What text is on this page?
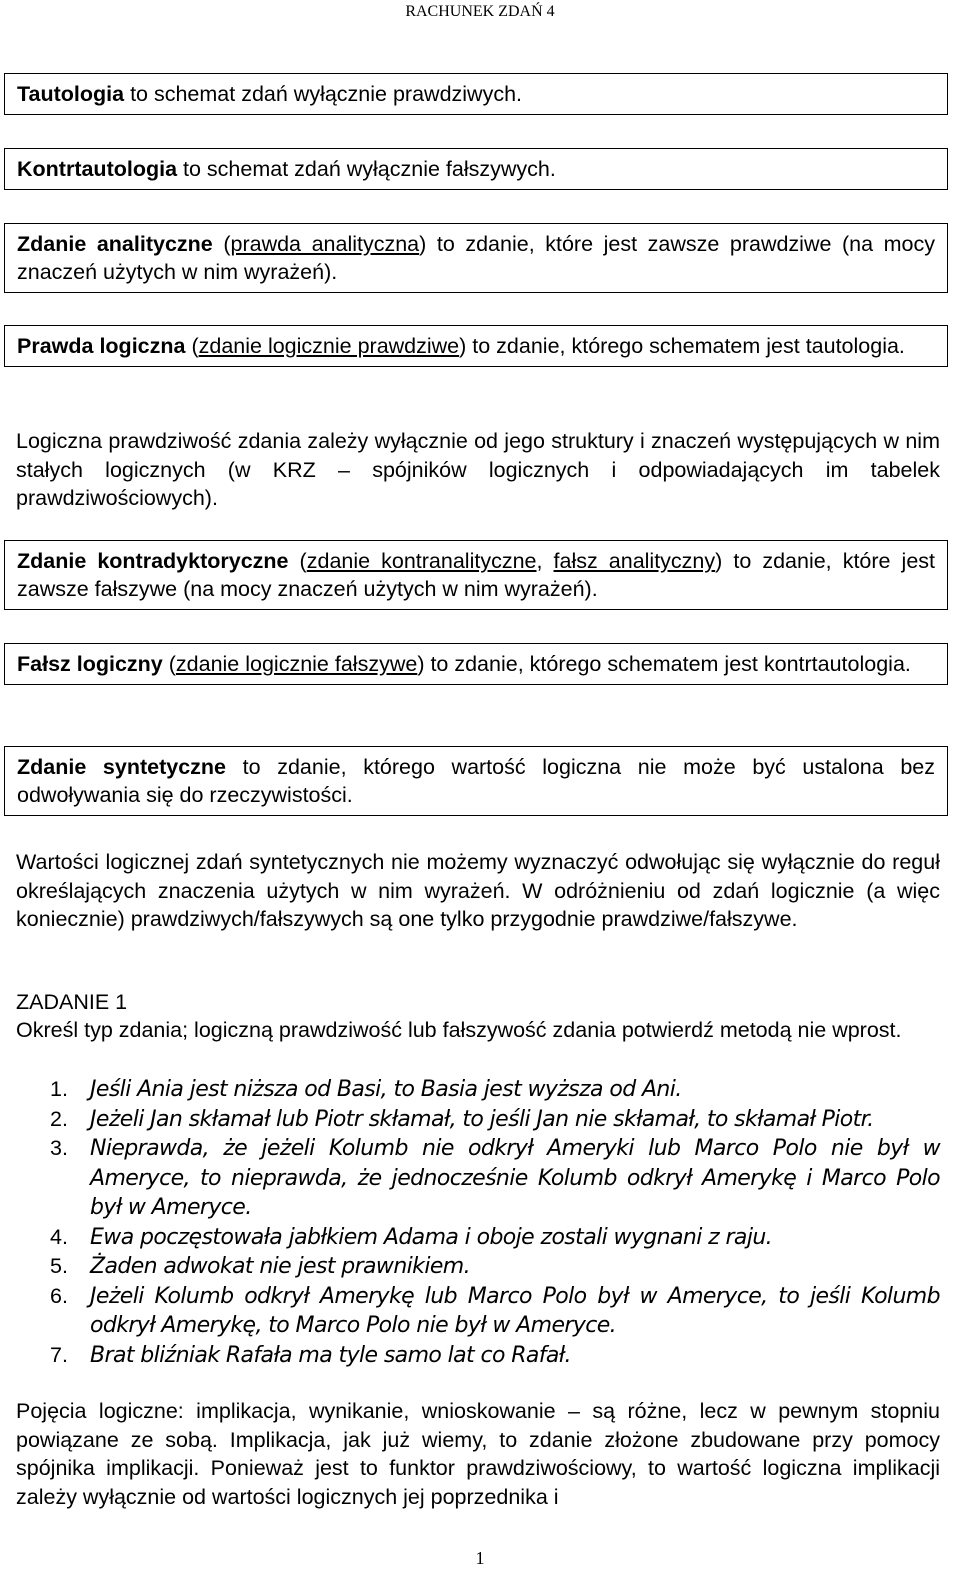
RACHUNEK ZDAŃ 4
Tautologia to schemat zdań wyłącznie prawdziwych.
Kontrtautologia to schemat zdań wyłącznie fałszywych.
Zdanie analityczne (prawda analityczna) to zdanie, które jest zawsze prawdziwe (na mocy znaczeń użytych w nim wyrażeń).
Prawda logiczna (zdanie logicznie prawdziwe) to zdanie, którego schematem jest tautologia.
Logiczna prawdziwość zdania zależy wyłącznie od jego struktury i znaczeń występujących w nim stałych logicznych (w KRZ – spójników logicznych i odpowiadających im tabelek prawdziwościowych).
Zdanie kontradyktoryczne (zdanie kontranalityczne, fałsz analityczny) to zdanie, które jest zawsze fałszywe (na mocy znaczeń użytych w nim wyrażeń).
Fałsz logiczny (zdanie logicznie fałszywe) to zdanie, którego schematem jest kontrtautologia.
Zdanie syntetyczne to zdanie, którego wartość logiczna nie może być ustalona bez odwoływania się do rzeczywistości.
Wartości logicznej zdań syntetycznych nie możemy wyznaczyć odwołując się wyłącznie do reguł określających znaczenia użytych w nim wyrażeń. W odróżnieniu od zdań logicznie (a więc koniecznie) prawdziwych/fałszywych są one tylko przygodnie prawdziwe/fałszywe.
ZADANIE 1
Określ typ zdania; logiczną prawdziwość lub fałszywość zdania potwierdź metodą nie wprost.
1. Jeśli Ania jest niższa od Basi, to Basia jest wyższa od Ani.
2. Jeżeli Jan skłamał lub Piotr skłamał, to jeśli Jan nie skłamał, to skłamał Piotr.
3. Nieprawda, że jeżeli Kolumb nie odkrył Ameryki lub Marco Polo nie był w Ameryce, to nieprawda, że jednocześnie Kolumb odkrył Amerykę i Marco Polo był w Ameryce.
4. Ewa poczęstowała jabłkiem Adama i oboje zostali wygnani z raju.
5. Żaden adwokat nie jest prawnikiem.
6. Jeżeli Kolumb odkrył Amerykę lub Marco Polo był w Ameryce, to jeśli Kolumb odkrył Amerykę, to Marco Polo nie był w Ameryce.
7. Brat bliźniak Rafała ma tyle samo lat co Rafał.
Pojęcia logiczne: implikacja, wynikanie, wnioskowanie – są różne, lecz w pewnym stopniu powiązane ze sobą. Implikacja, jak już wiemy, to zdanie złożone zbudowane przy pomocy spójnika implikacji. Ponieważ jest to funktor prawdziwościowy, to wartość logiczna implikacji zależy wyłącznie od wartości logicznych jej poprzednika i
1
